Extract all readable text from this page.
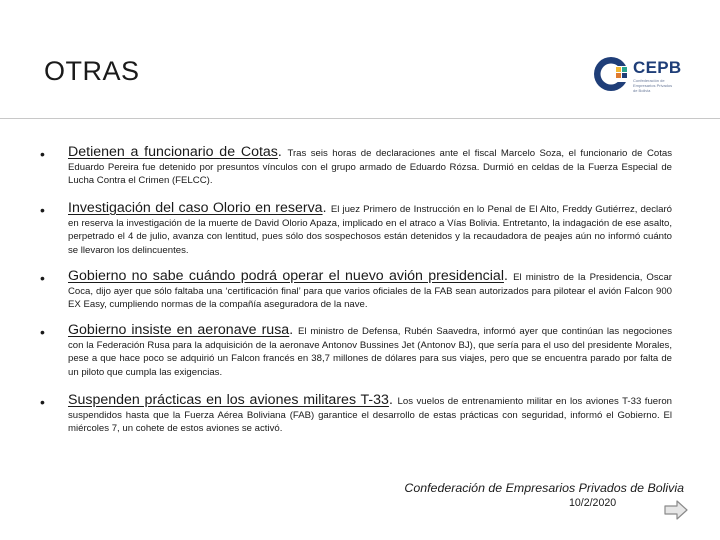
OTRAS	CEPB
Confederación de Empresarios Privados de Bolivia
• Detienen a funcionario de Cotas. Tras seis horas de declaraciones ante el fiscal Marcelo Soza, el funcionario de Cotas Eduardo Pereira fue detenido por presuntos vínculos con el grupo armado de Eduardo Rózsa. Durmió en celdas de la Fuerza Especial de Lucha Contra el Crimen (FELCC).

• Investigación del caso Olorio en reserva. El juez Primero de Instrucción en lo Penal de El Alto, Freddy Gutiérrez, declaró en reserva la investigación de la muerte de David Olorio Apaza, implicado en el atraco a Vías Bolivia. Entretanto, la indagación de ese asalto, perpetrado el 4 de julio, avanza con lentitud, pues sólo dos sospechosos están detenidos y la recaudadora de peajes aún no informó cuánto se llevaron los delincuentes.

• Gobierno no sabe cuándo podrá operar el nuevo avión presidencial. El ministro de la Presidencia, Oscar Coca, dijo ayer que sólo faltaba una ‘certificación final’ para que varios oficiales de la FAB sean autorizados para pilotear el avión Falcon 900 EX Easy, cumpliendo normas de la compañía aseguradora de la nave.

• Gobierno insiste en aeronave rusa. El ministro de Defensa, Rubén Saavedra, informó ayer que continúan las negociones con la Federación Rusa para la adquisición de la aeronave Antonov Bussines Jet (Antonov BJ), que sería para el uso del presidente Morales, pese a que hace poco se adquirió un Falcon francés en 38,7 millones de dólares para sus viajes, pero que se encuentra parado por falta de un piloto que cumpla las exigencias.

• Suspenden prácticas en los aviones militares T-33. Los vuelos de entrenamiento militar en los aviones T-33 fueron suspendidos hasta que la Fuerza Aérea Boliviana (FAB) garantice el desarrollo de estas prácticas con seguridad, informó el Gobierno. El miércoles 7, un cohete de estos aviones se activó.

Confederación de Empresarios Privados de Bolivia
10/2/2020
